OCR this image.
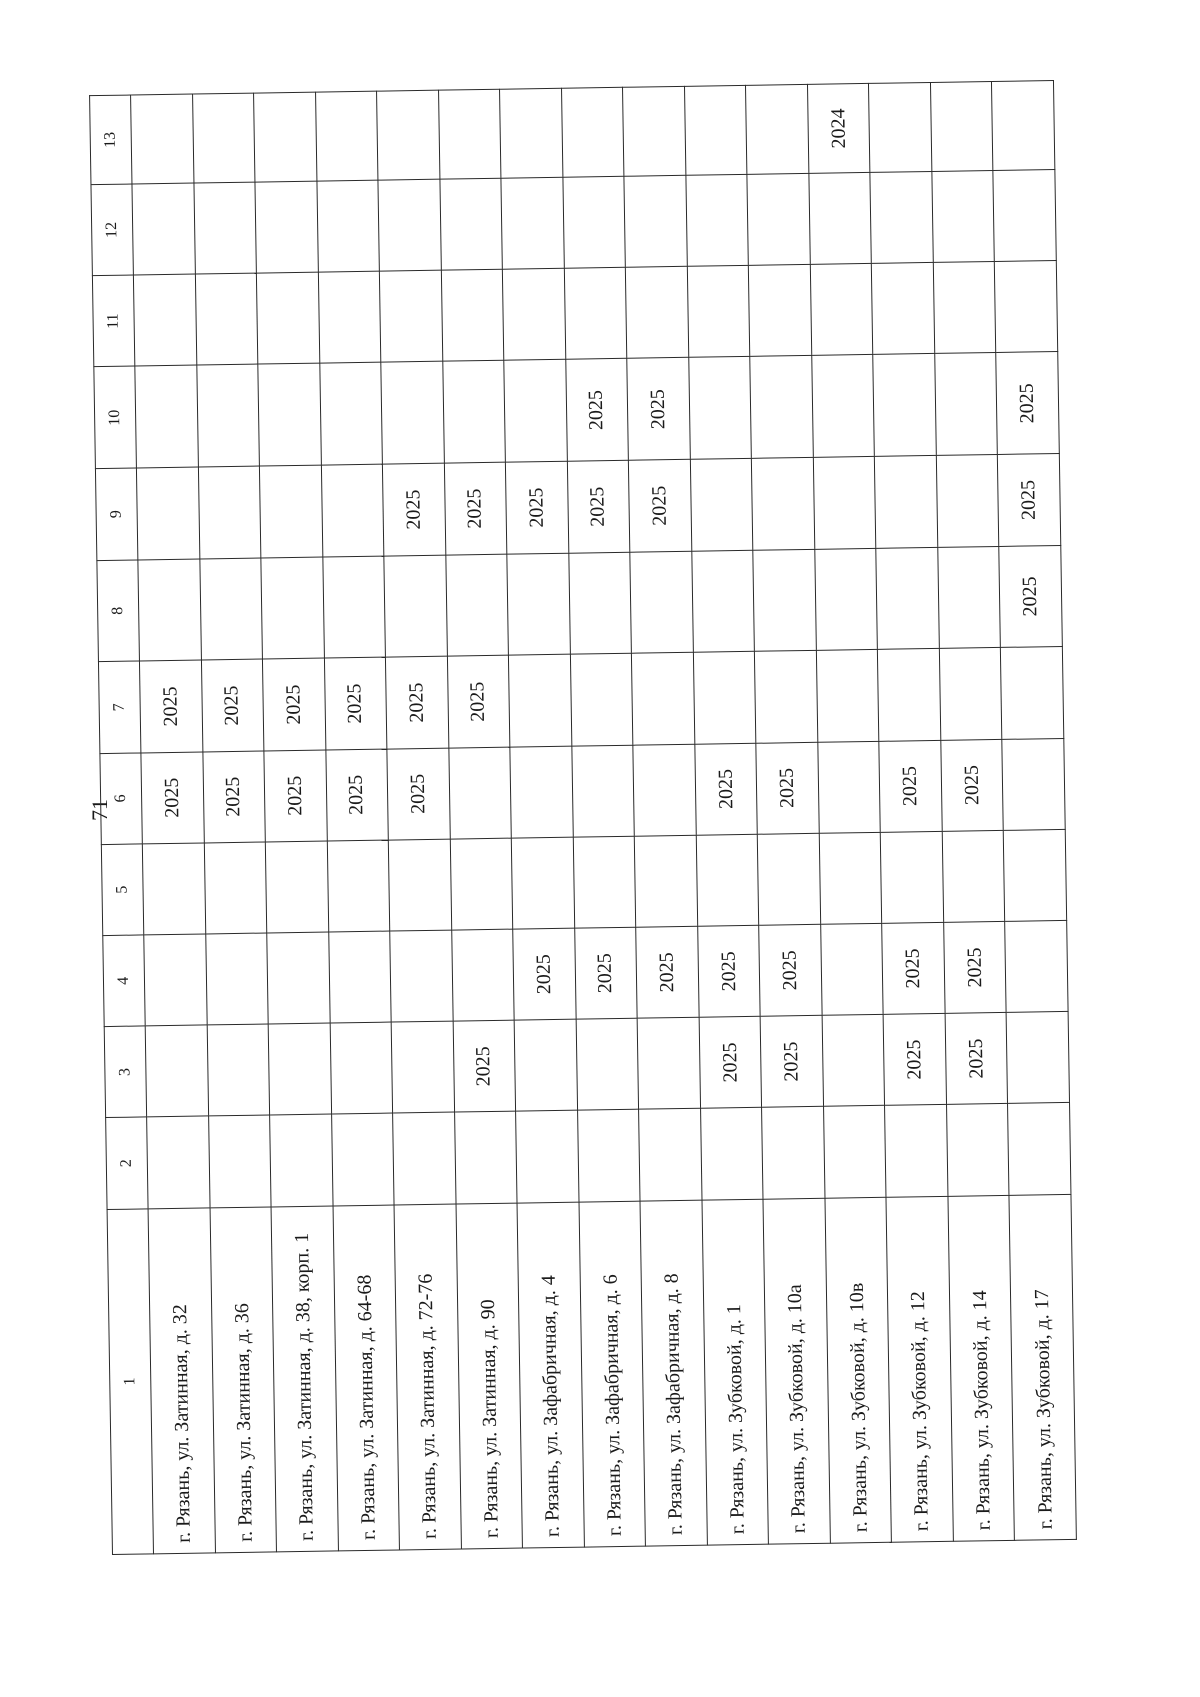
71
1	2	3	4	5	6	7	8	9	10	11	12	13
г. Рязань, ул. Затинная, д. 32					2025	2025						
г. Рязань, ул. Затинная, д. 36					2025	2025						
г. Рязань, ул. Затинная, д. 38, корп. 1					2025	2025						
г. Рязань, ул. Затинная, д. 64-68					2025	2025						
г. Рязань, ул. Затинная, д. 72-76					2025	2025		2025				
г. Рязань, ул. Затинная, д. 90		2025				2025		2025				
г. Рязань, ул. Зафабричная, д. 4			2025					2025				
г. Рязань, ул. Зафабричная, д. 6			2025					2025	2025			
г. Рязань, ул. Зафабричная, д. 8			2025					2025	2025			
г. Рязань, ул. Зубковой, д. 1		2025	2025		2025							
г. Рязань, ул. Зубковой, д. 10а		2025	2025		2025							
г. Рязань, ул. Зубковой, д. 10в												2024
г. Рязань, ул. Зубковой, д. 12		2025	2025		2025							
г. Рязань, ул. Зубковой, д. 14		2025	2025		2025							
г. Рязань, ул. Зубковой, д. 17							2025	2025	2025			
